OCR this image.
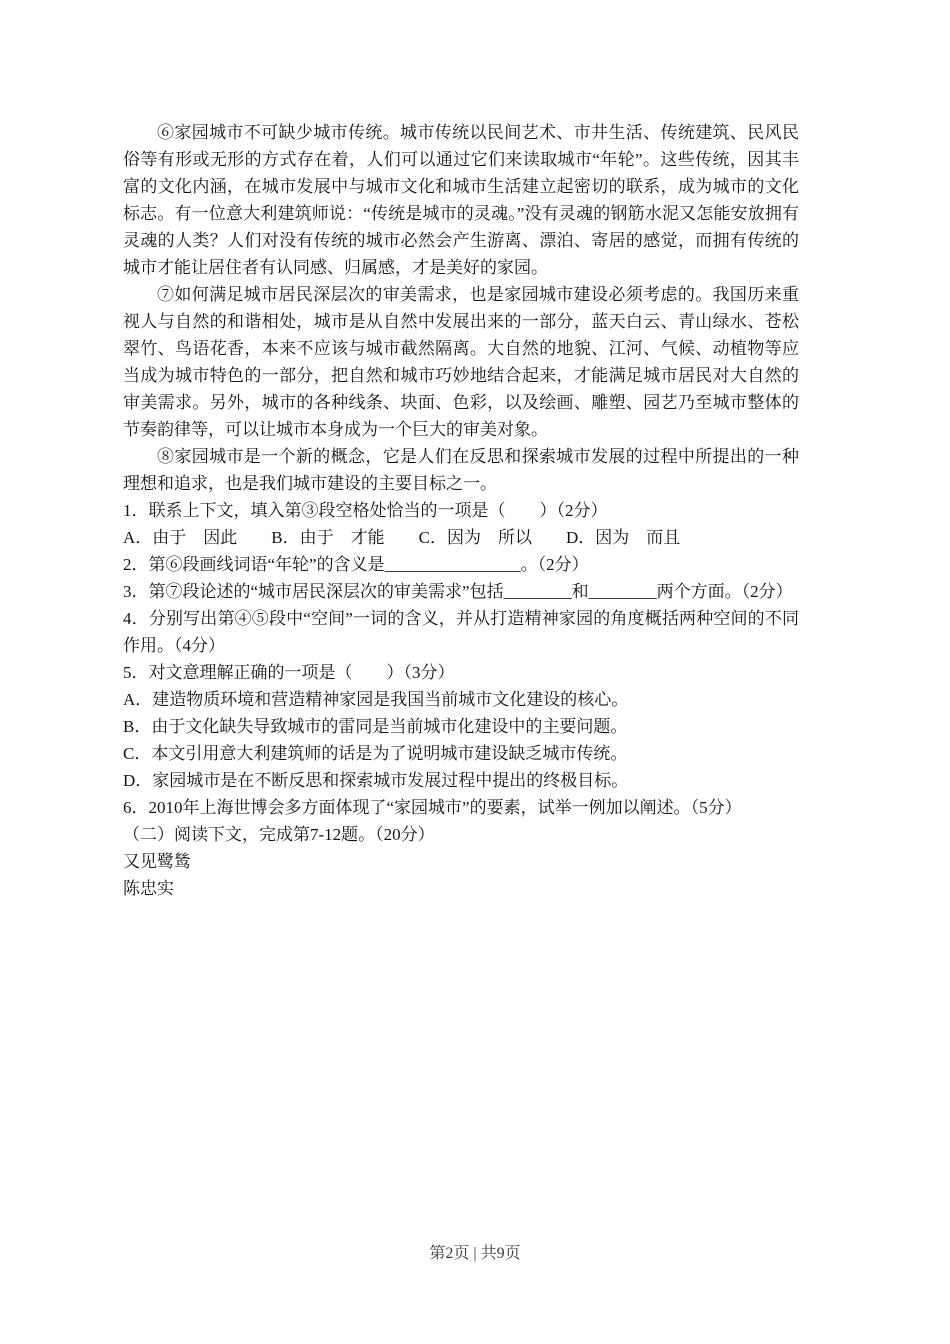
⑥家园城市不可缺少城市传统。城市传统以民间艺术、市井生活、传统建筑、民风民俗等有形或无形的方式存在着，人们可以通过它们来读取城市“年轮”。这些传统，因其丰富的文化内涵，在城市发展中与城市文化和城市生活建立起密切的联系，成为城市的文化标志。有一位意大利建筑师说：“传统是城市的灵魂。”没有灵魂的钢筋水泥又怎能安放拥有灵魂的人类？人们对没有传统的城市必然会产生游离、漂泊、寄居的感觉，而拥有传统的城市才能让居住者有认同感、归属感，才是美好的家园。

⑦如何满足城市居民深层次的审美需求，也是家园城市建设必须考虑的。我国历来重视人与自然的和谐相处，城市是从自然中发展出来的一部分，蓝天白云、青山绿水、苍松翠竹、鸟语花香，本来不应该与城市截然隔离。大自然的地貌、江河、气候、动植物等应当成为城市特色的一部分，把自然和城市巧妙地结合起来，才能满足城市居民对大自然的审美需求。另外，城市的各种线条、块面、色彩，以及绘画、雕塑、园艺乃至城市整体的节奏韵律等，可以让城市本身成为一个巨大的审美对象。

⑧家园城市是一个新的概念，它是人们在反思和探索城市发展的过程中所提出的一种理想和追求，也是我们城市建设的主要目标之一。

1．联系上下文，填入第③段空格处恰当的一项是（　　）（2分）

A．由于　因此　　B．由于　才能　　C．因为　所以　　D．因为　而且

2．第⑥段画线词语“年轮”的含义是________________。（2分）

3．第⑦段论述的“城市居民深层次的审美需求”包括________和________两个方面。（2分）

4．分别写出第④⑤段中“空间”一词的含义，并从打造精神家园的角度概括两种空间的不同作用。（4分）

5．对文意理解正确的一项是（　　）（3分）

A．建造物质环境和营造精神家园是我国当前城市文化建设的核心。

B．由于文化缺失导致城市的雷同是当前城市化建设中的主要问题。

C．本文引用意大利建筑师的话是为了说明城市建设缺乏城市传统。

D．家园城市是在不断反思和探索城市发展过程中提出的终极目标。

6．2010年上海世博会多方面体现了“家园城市”的要素，试举一例加以阐述。（5分）

（二）阅读下文，完成第7-12题。（20分）

又见鹭鸶

陈忠实

第2页 | 共9页
